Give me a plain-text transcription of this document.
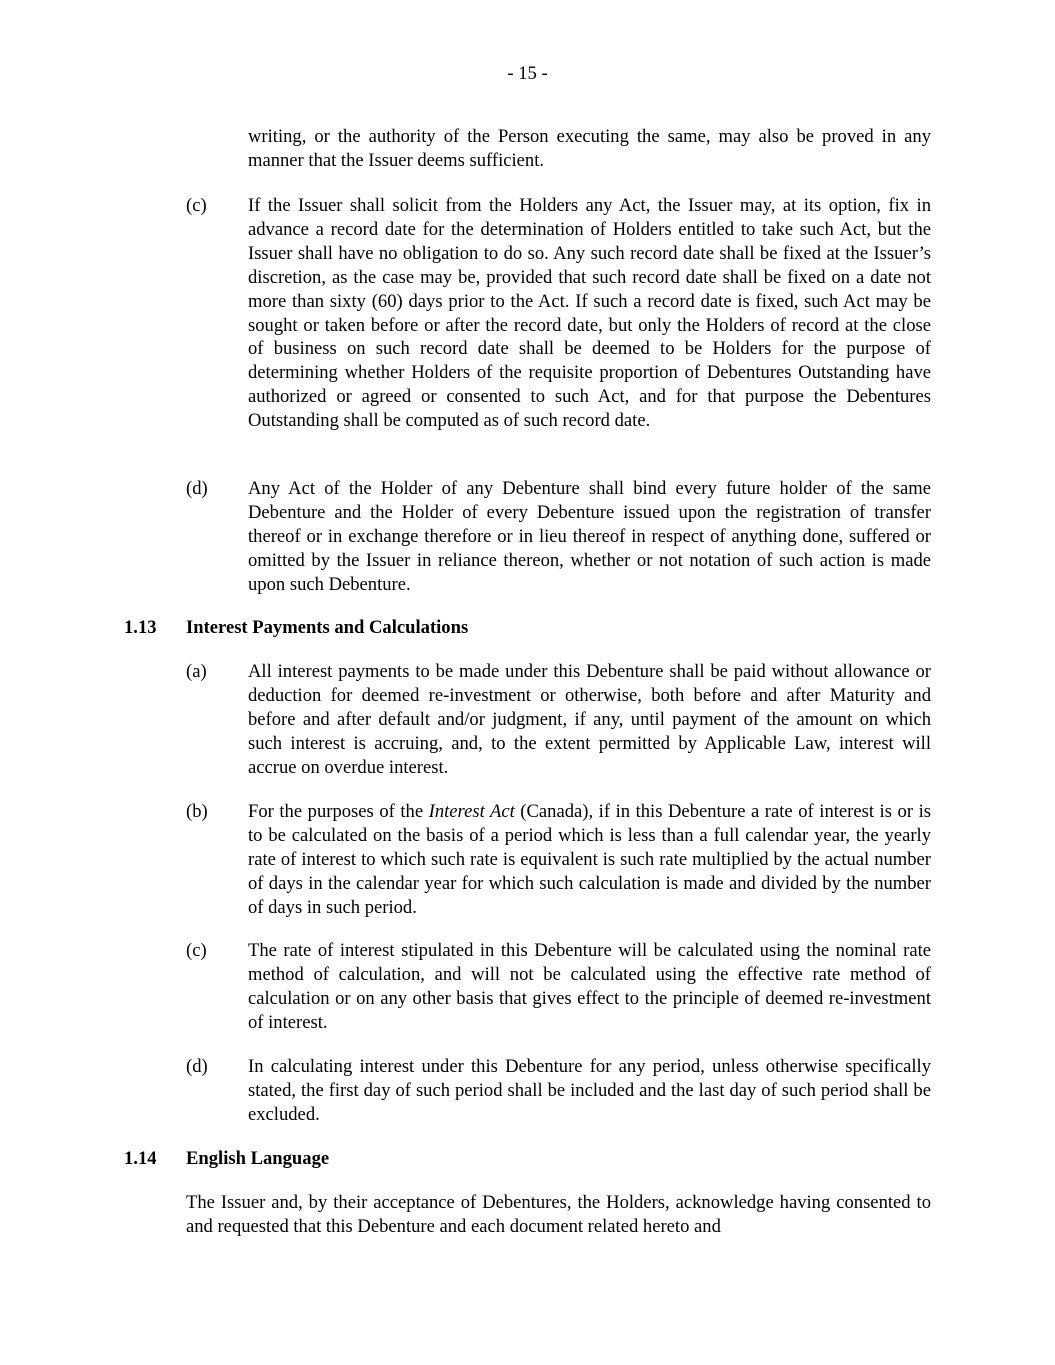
- 15 -

writing, or the authority of the Person executing the same, may also be proved in any manner that the Issuer deems sufficient.

(c) If the Issuer shall solicit from the Holders any Act, the Issuer may, at its option, fix in advance a record date for the determination of Holders entitled to take such Act, but the Issuer shall have no obligation to do so. Any such record date shall be fixed at the Issuer’s discretion, as the case may be, provided that such record date shall be fixed on a date not more than sixty (60) days prior to the Act. If such a record date is fixed, such Act may be sought or taken before or after the record date, but only the Holders of record at the close of business on such record date shall be deemed to be Holders for the purpose of determining whether Holders of the requisite proportion of Debentures Outstanding have authorized or agreed or consented to such Act, and for that purpose the Debentures Outstanding shall be computed as of such record date.

(d) Any Act of the Holder of any Debenture shall bind every future holder of the same Debenture and the Holder of every Debenture issued upon the registration of transfer thereof or in exchange therefore or in lieu thereof in respect of anything done, suffered or omitted by the Issuer in reliance thereon, whether or not notation of such action is made upon such Debenture.

1.13 Interest Payments and Calculations
(a) All interest payments to be made under this Debenture shall be paid without allowance or deduction for deemed re-investment or otherwise, both before and after Maturity and before and after default and/or judgment, if any, until payment of the amount on which such interest is accruing, and, to the extent permitted by Applicable Law, interest will accrue on overdue interest.

(b) For the purposes of the Interest Act (Canada), if in this Debenture a rate of interest is or is to be calculated on the basis of a period which is less than a full calendar year, the yearly rate of interest to which such rate is equivalent is such rate multiplied by the actual number of days in the calendar year for which such calculation is made and divided by the number of days in such period.

(c) The rate of interest stipulated in this Debenture will be calculated using the nominal rate method of calculation, and will not be calculated using the effective rate method of calculation or on any other basis that gives effect to the principle of deemed re-investment of interest.

(d) In calculating interest under this Debenture for any period, unless otherwise specifically stated, the first day of such period shall be included and the last day of such period shall be excluded.

1.14 English Language

The Issuer and, by their acceptance of Debentures, the Holders, acknowledge having consented to and requested that this Debenture and each document related hereto and
